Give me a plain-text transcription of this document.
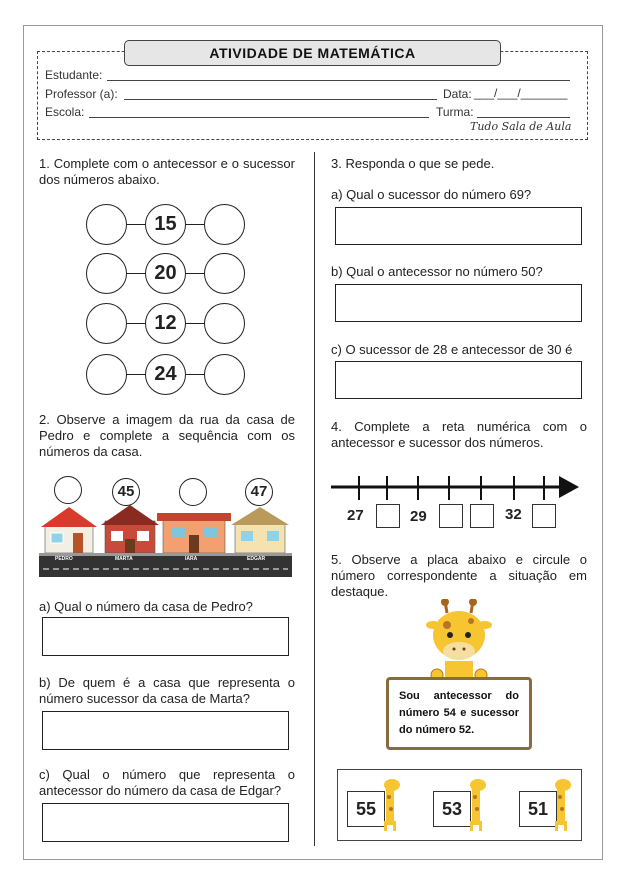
ATIVIDADE DE MATEMÁTICA
Estudante:
Professor (a):	Data: ___/___/_______
Escola:	Turma:
Tudo Sala de Aula
1. Complete com o antecessor e o sucessor dos números abaixo.
15
20
12
24
2. Observe a imagem da rua da casa de Pedro e complete a sequência com os números da casa.
45	47
PEDRO	MARTA	IARA	EDGAR
a) Qual o número da casa de Pedro?
b) De quem é a casa que representa o número sucessor da casa de Marta?
c) Qual o número que representa o antecessor do número da casa de Edgar?
3. Responda o que se pede.
a) Qual o sucessor do número 69?
b) Qual o antecessor no número 50?
c) O sucessor de 28 e antecessor de 30 é
4. Complete a reta numérica com o antecessor e sucessor dos números.
27	29	32
5. Observe a placa abaixo e circule o número correspondente a situação em destaque.
Sou antecessor do número 54 e sucessor do número 52.
55	53	51
